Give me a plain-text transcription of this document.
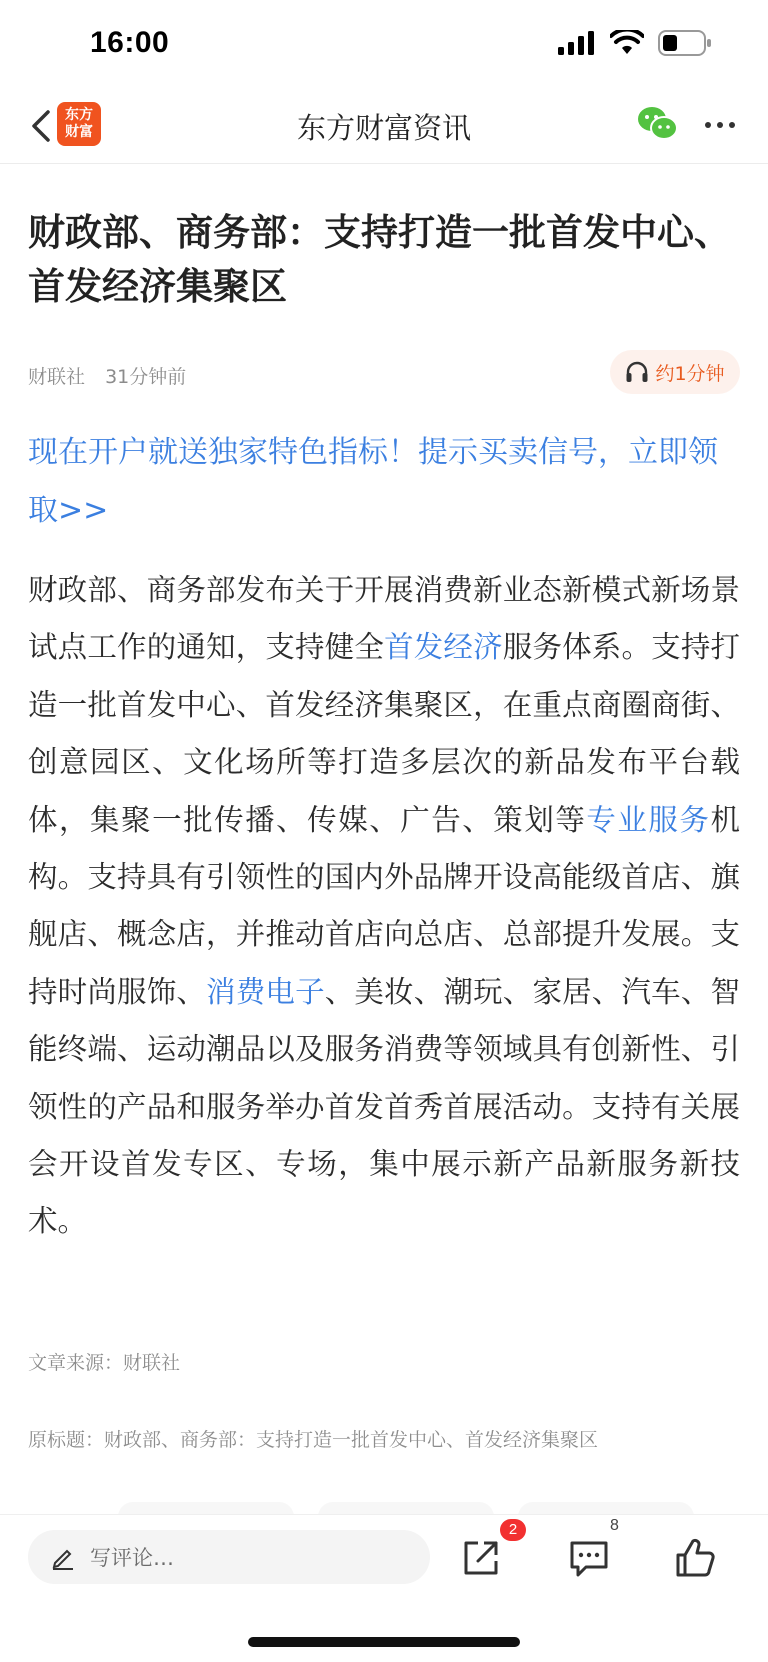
16:00
东方
财富	东方财富资讯
财政部、商务部：支持打造一批首发中心、首发经济集聚区
财联社 31分钟前	约1分钟
现在开户就送独家特色指标！提示买卖信号，立即领取>>
财政部、商务部发布关于开展消费新业态新模式新场景试点工作的通知，支持健全首发经济服务体系。支持打造一批首发中心、首发经济集聚区，在重点商圈商街、创意园区、文化场所等打造多层次的新品发布平台载体，集聚一批传播、传媒、广告、策划等专业服务机构。支持具有引领性的国内外品牌开设高能级首店、旗舰店、概念店，并推动首店向总店、总部提升发展。支持时尚服饰、消费电子、美妆、潮玩、家居、汽车、智能终端、运动潮品以及服务消费等领域具有创新性、引领性的产品和服务举办首发首秀首展活动。支持有关展会开设首发专区、专场，集中展示新产品新服务新技术。
文章来源：财联社
原标题：财政部、商务部：支持打造一批首发中心、首发经济集聚区
写评论…
2	8
